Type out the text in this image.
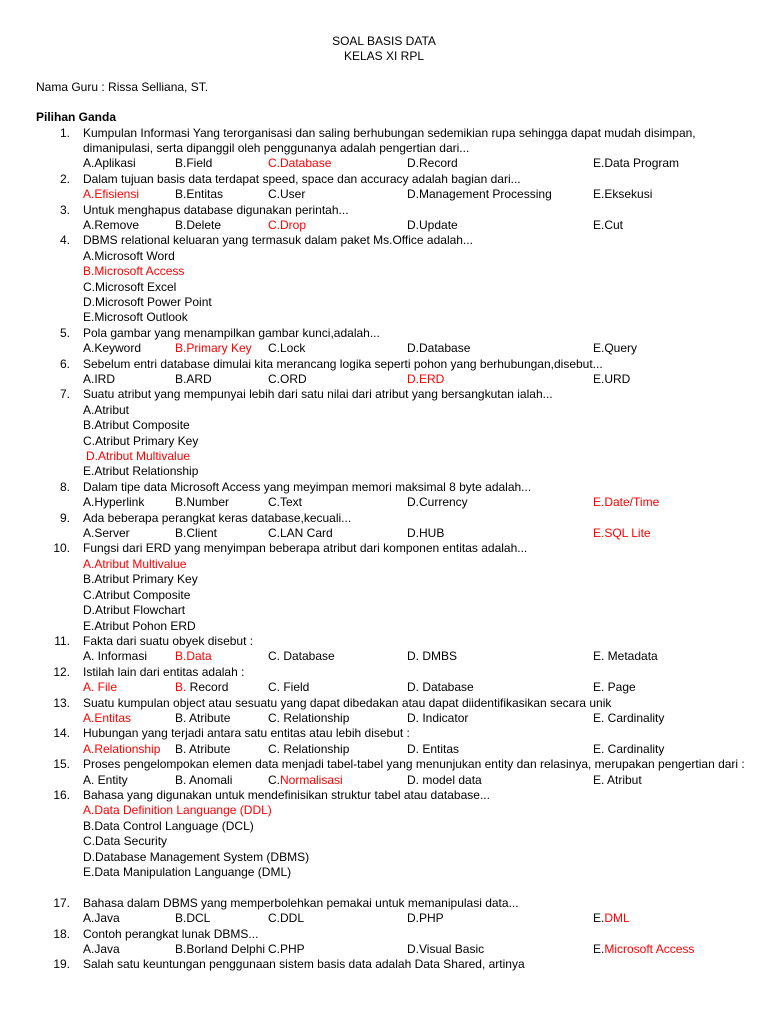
SOAL BASIS DATA
KELAS XI RPL
Nama Guru : Rissa Selliana, ST.
Pilihan Ganda
1. Kumpulan Informasi Yang terorganisasi dan saling berhubungan sedemikian rupa sehingga dapat mudah disimpan,
dimanipulasi, serta dipanggil oleh penggunanya adalah pengertian dari...
A.Aplikasi	B.Field	C.Database	D.Record	E.Data Program
2. Dalam tujuan basis data terdapat speed, space dan accuracy adalah bagian dari...
A.Efisiensi	B.Entitas	C.User	D.Management Processing	E.Eksekusi
3. Untuk menghapus database digunakan perintah...
A.Remove	B.Delete	C.Drop	D.Update	E.Cut
4. DBMS relational keluaran yang termasuk dalam paket Ms.Office adalah...
A.Microsoft Word
B.Microsoft Access
C.Microsoft Excel
D.Microsoft Power Point
E.Microsoft Outlook
5. Pola gambar yang menampilkan gambar kunci,adalah...
A.Keyword	B.Primary Key C.Lock	D.Database	E.Query
6. Sebelum entri database dimulai kita merancang logika seperti pohon yang berhubungan,disebut...
A.IRD	B.ARD	C.ORD	D.ERD	E.URD
7. Suatu atribut yang mempunyai lebih dari satu nilai dari atribut yang bersangkutan ialah...
A.Atribut
B.Atribut Composite
C.Atribut Primary Key
D.Atribut Multivalue
E.Atribut Relationship
8. Dalam tipe data Microsoft Access yang meyimpan memori maksimal 8 byte adalah...
A.Hyperlink	B.Number	C.Text	D.Currency	E.Date/Time
9. Ada beberapa perangkat keras database,kecuali...
A.Server	B.Client	C.LAN Card	D.HUB	E.SQL Lite
10. Fungsi dari ERD yang menyimpan beberapa atribut dari komponen entitas adalah...
A.Atribut Multivalue
B.Atribut Primary Key
C.Atribut Composite
D.Atribut Flowchart
E.Atribut Pohon ERD
11. Fakta dari suatu obyek disebut :
A. Informasi B.Data	C. Database	D. DMBS	E. Metadata
12. Istilah lain dari entitas adalah :
A. File	B. Record	C. Field	D. Database	E. Page
13. Suatu kumpulan object atau sesuatu yang dapat dibedakan atau dapat diidentifikasikan secara unik
A.Entitas	B. Atribute	C. Relationship	D. Indicator	E. Cardinality
14. Hubungan yang terjadi antara satu entitas atau lebih disebut :
A.Relationship B. Atribute	C. Relationship	D. Entitas	E. Cardinality
15. Proses pengelompokan elemen data menjadi tabel-tabel yang menunjukan entity dan relasinya, merupakan pengertian dari :
A. Entity	B. Anomali	C.Normalisasi	D. model data	E. Atribut
16. Bahasa yang digunakan untuk mendefinisikan struktur tabel atau database...
A.Data Definition Languange (DDL)
B.Data Control Language (DCL)
C.Data Security
D.Database Management System (DBMS)
E.Data Manipulation Languange (DML)
17. Bahasa dalam DBMS yang memperbolehkan pemakai untuk memanipulasi data...
A.Java	B.DCL	C.DDL	D.PHP	E.DML
18. Contoh perangkat lunak DBMS...
A.Java	B.Borland Delphi C.PHP	D.Visual Basic	E.Microsoft Access
19. Salah satu keuntungan penggunaan sistem basis data adalah Data Shared, artinya
